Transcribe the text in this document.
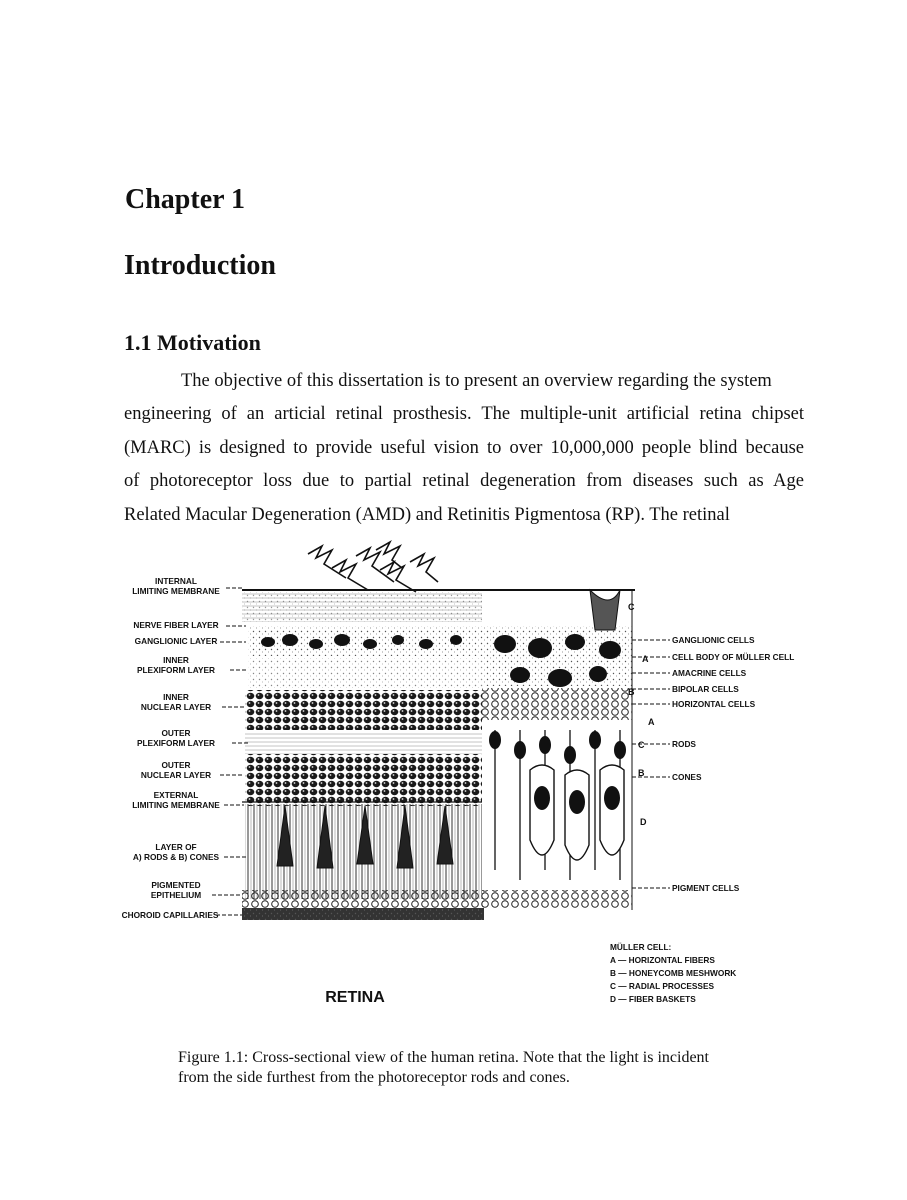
Chapter 1
Introduction
1.1 Motivation

The objective of this dissertation is to present an overview regarding the system
engineering of an articial retinal prosthesis. The multiple-unit artificial retina chipset
(MARC) is designed to provide useful vision to over 10,000,000 people blind because
of photoreceptor loss due to partial retinal degeneration from diseases such as Age
Related Macular Degeneration (AMD) and Retinitis Pigmentosa (RP). The retinal

C
A
B
A
C
B
D
INTERNAL
LIMITING MEMBRANE
NERVE FIBER LAYER
GANGLIONIC LAYER
INNER
PLEXIFORM LAYER
INNER
NUCLEAR LAYER
OUTER
PLEXIFORM LAYER
OUTER
NUCLEAR LAYER
EXTERNAL
LIMITING MEMBRANE
LAYER OF
A) RODS & B) CONES
PIGMENTED
EPITHELIUM
CHOROID CAPILLARIES
GANGLIONIC CELLS
CELL BODY OF MÜLLER CELL
AMACRINE CELLS
BIPOLAR CELLS
HORIZONTAL CELLS
RODS
CONES
PIGMENT CELLS
RETINA
MÜLLER CELL:
A — HORIZONTAL FIBERS
B — HONEYCOMB MESHWORK
C — RADIAL PROCESSES
D — FIBER BASKETS

Figure 1.1: Cross-sectional view of the human retina. Note that the light is incident
from the side furthest from the photoreceptor rods and cones.
